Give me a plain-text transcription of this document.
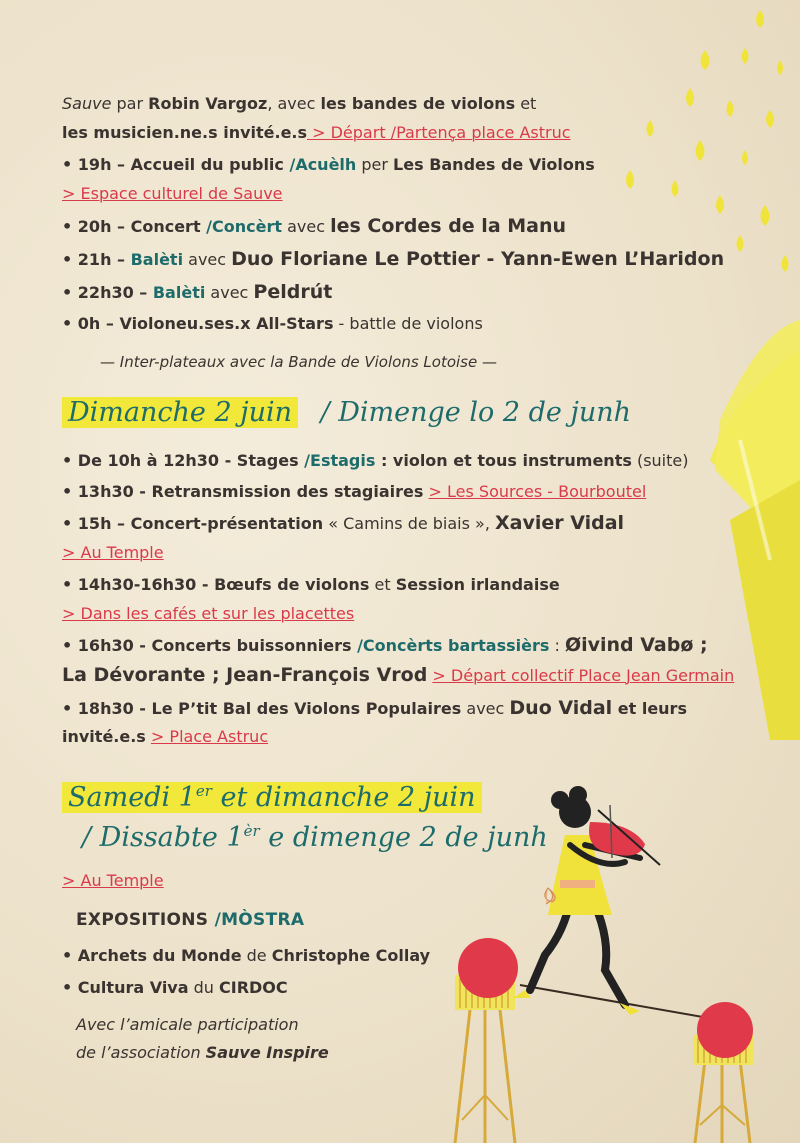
Sauve par Robin Vargoz, avec les bandes de violons et
les musicien.ne.s invité.e.s > Départ /Partença place Astruc
• 19h – Accueil du public /Acuèlh per Les Bandes de Violons
> Espace culturel de Sauve
• 20h – Concert /Concèrt avec les Cordes de la Manu
• 21h – Balèti avec Duo Floriane Le Pottier - Yann-Ewen L’Haridon
• 22h30 – Balèti avec Peldrút
• 0h – Violoneu.ses.x All-Stars - battle de violons
— Inter-plateaux avec la Bande de Violons Lotoise —
Dimanche 2 juin / Dimenge lo 2 de junh
• De 10h à 12h30 - Stages /Estagis : violon et tous instruments (suite)
• 13h30 - Retransmission des stagiaires > Les Sources - Bourboutel
• 15h – Concert-présentation « Camins de biais », Xavier Vidal
> Au Temple
• 14h30-16h30 - Bœufs de violons et Session irlandaise
> Dans les cafés et sur les placettes
• 16h30 - Concerts buissonniers /Concèrts bartassièrs : Øivind Vabø ;
La Dévorante ; Jean-François Vrod > Départ collectif Place Jean Germain
• 18h30 - Le P’tit Bal des Violons Populaires avec Duo Vidal et leurs
invité.e.s > Place Astruc
Samedi 1er et dimanche 2 juin
/ Dissabte $1^{èr}$ e dimenge 2 de junh
> Au Temple
EXPOSITIONS /MÒSTRA
• Archets du Monde de Christophe Collay
• Cultura Viva du CIRDOC
Avec l’amicale participation
de l’association Sauve Inspire
